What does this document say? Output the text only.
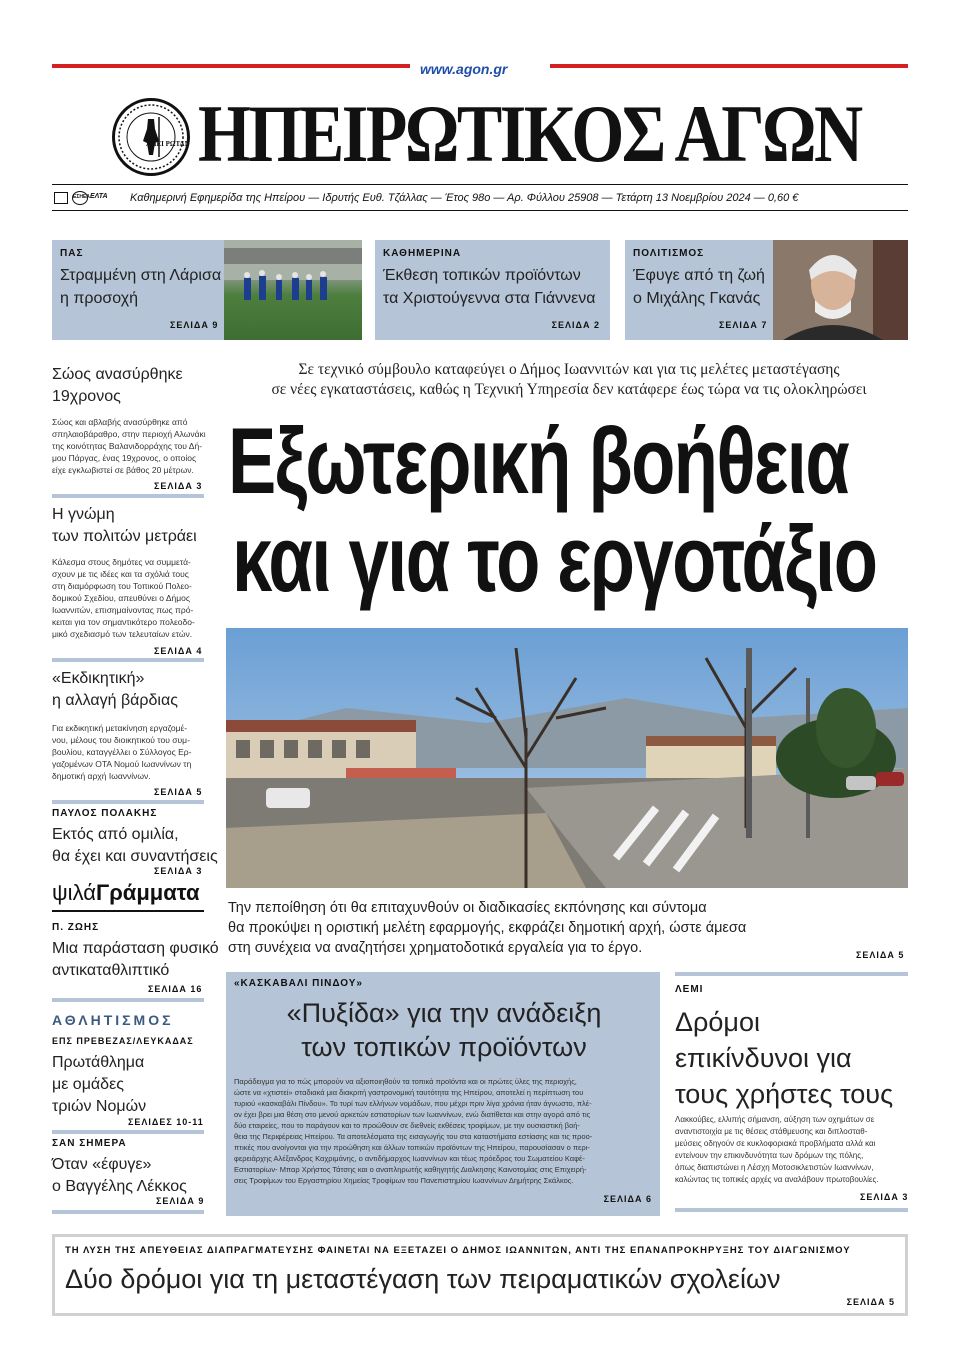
www.agon.gr
ΑΠΕΙ ΡΩΤΑΝ ΗΠΕΙΡΩΤΙΚΟΣ ΑΓΩΝ
ΕΣΗΕΑ ΕΛΤΑ Καθημερινή Εφημερίδα της Ηπείρου — Ιδρυτής Ευθ. Τζάλλας — Έτος 98ο — Αρ. Φύλλου 25908 — Τετάρτη 13 Νοεμβρίου 2024 — 0,60 €
ΠΑΣ
Στραμμένη στη Λάρισα
η προσοχή
ΣΕΛΙΔΑ 9
ΚΑΘΗΜΕΡΙΝΑ
Έκθεση τοπικών προϊόντων
τα Χριστούγεννα στα Γιάννενα
ΣΕΛΙΔΑ 2
ΠΟΛΙΤΙΣΜΟΣ
Έφυγε από τη ζωή
ο Μιχάλης Γκανάς
ΣΕΛΙΔΑ 7
Σώος ανασύρθηκε
19χρονος
Σώος και αβλαβής ανασύρθηκε από
σπηλαιοβάραθρο, στην περιοχή Αλωνάκι
της κοινότητας Βαλανιδορράχης του Δή-
μου Πάργας, ένας 19χρονος, ο οποίος
είχε εγκλωβιστεί σε βάθος 20 μέτρων.
ΣΕΛΙΔΑ 3
Η γνώμη
των πολιτών μετράει
Κάλεσμα στους δημότες να συμμετά-
σχουν με τις ιδέες και τα σχόλιά τους
στη διαμόρφωση του Τοπικού Πολεο-
δομικού Σχεδίου, απευθύνει ο Δήμος
Ιωαννιτών, επισημαίνοντας πως πρό-
κειται για τον σημαντικότερο πολεοδο-
μικό σχεδιασμό των τελευταίων ετών.
ΣΕΛΙΔΑ 4
«Εκδικητική»
η αλλαγή βάρδιας
Για εκδικητική μετακίνηση εργαζομέ-
νου, μέλους του διοικητικού του συμ-
βουλίου, καταγγέλλει ο Σύλλογος Ερ-
γαζομένων ΟΤΑ Νομού Ιωαννίνων τη
δημοτική αρχή Ιωαννίνων.
ΣΕΛΙΔΑ 5
ΠΑΥΛΟΣ ΠΟΛΑΚΗΣ
Εκτός από ομιλία,
θα έχει και συναντήσεις
ΣΕΛΙΔΑ 3
ψιλάΓράμματα
Π. ΖΩΗΣ
Μια παράσταση φυσικό
αντικαταθλιπτικό
ΣΕΛΙΔΑ 16
ΑΘΛΗΤΙΣΜΟΣ
ΕΠΣ ΠΡΕΒΕΖΑΣ/ΛΕΥΚΑΔΑΣ
Πρωτάθλημα
με ομάδες
τριών Νομών
ΣΕΛΙΔΕΣ 10-11
ΣΑΝ ΣΗΜΕΡΑ
Όταν «έφυγε»
ο Βαγγέλης Λέκκος
ΣΕΛΙΔΑ 9
Σε τεχνικό σύμβουλο καταφεύγει ο Δήμος Ιωαννιτών και για τις μελέτες μεταστέγασης
σε νέες εγκαταστάσεις, καθώς η Τεχνική Υπηρεσία δεν κατάφερε έως τώρα να τις ολοκληρώσει
Εξωτερική βοήθεια
και για το εργοτάξιο
Την πεποίθηση ότι θα επιταχυνθούν οι διαδικασίες εκπόνησης και σύντομα
θα προκύψει η οριστική μελέτη εφαρμογής, εκφράζει δημοτική αρχή, ώστε άμεσα
στη συνέχεια να αναζητήσει χρηματοδοτικά εργαλεία για το έργο.	ΣΕΛΙΔΑ 5
«ΚΑΣΚΑΒΑΛΙ ΠΙΝΔΟΥ»
«Πυξίδα» για την ανάδειξη
των τοπικών προϊόντων
Παράδειγμα για το πώς μπορούν να αξιοποιηθούν τα τοπικά προϊόντα και οι πρώτες ύλες της περιοχής,
ώστε να «χτιστεί» σταδιακά μια διακριτή γαστρονομική ταυτότητα της Ηπείρου, αποτελεί η περίπτωση του
τυριού «κασκαβάλι Πίνδου». Το τυρί των ελλήνων νομάδων, που μέχρι πριν λίγα χρόνια ήταν άγνωστο, πλέ-
ον έχει βρει μια θέση στο μενού αρκετών εστιατορίων των Ιωαννίνων, ενώ διατίθεται και στην αγορά από τις
δύο εταιρείες, που το παράγουν και το προώθουν σε διεθνείς εκθέσεις τροφίμων, με την ουσιαστική βοή-
θεια της Περιφέρειας Ηπείρου. Τα αποτελέσματα της εισαγωγής του στα καταστήματα εστίασης και τις προο-
πτικές που ανοίγονται για την προώθηση και άλλων τοπικών προϊόντων της Ηπείρου, παρουσίασαν ο περι-
φερειάρχης Αλέξανδρος Καχριμάνης, ο αντιδήμαρχος Ιωαννίνων και τέως πρόεδρος του Σωματείου Καφέ-
Εστιατορίων- Μπαρ Χρήστος Τάτσης και ο αναπληρωτής καθηγητής Διαλκησης Καινοτομίας στις Επιχειρή-
σεις Τροφίμων του Εργαστηρίου Χημείας Τροφίμων του Πανεπιστημίου Ιωαννίνων Δημήτρης Σκάλκος.
ΣΕΛΙΔΑ 6
ΛΕΜΙ
Δρόμοι
επικίνδυνοι για
τους χρήστες τους
Λακκούβες, ελλιπής σήμανση, αύξηση των οχημάτων σε
αναντιστοιχία με τις θέσεις στάθμευσης και διπλοσταθ-
μεύσεις οδηγούν σε κυκλοφοριακά προβλήματα αλλά και
εντείνουν την επικινδυνότητα των δρόμων της πόλης,
όπως διαπιστώνει η Λέσχη Μοτοσικλετιστών Ιωαννίνων,
καλώντας τις τοπικές αρχές να αναλάβουν πρωτοβουλίες.
ΣΕΛΙΔΑ 3
ΤΗ ΛΥΣΗ ΤΗΣ ΑΠΕΥΘΕΙΑΣ ΔΙΑΠΡΑΓΜΑΤΕΥΣΗΣ ΦΑΙΝΕΤΑΙ ΝΑ ΕΞΕΤΑΖΕΙ Ο ΔΗΜΟΣ ΙΩΑΝΝΙΤΩΝ, ΑΝΤΙ ΤΗΣ ΕΠΑΝΑΠΡΟΚΗΡΥΞΗΣ ΤΟΥ ΔΙΑΓΩΝΙΣΜΟΥ
Δύο δρόμοι για τη μεταστέγαση των πειραματικών σχολείων
ΣΕΛΙΔΑ 5
